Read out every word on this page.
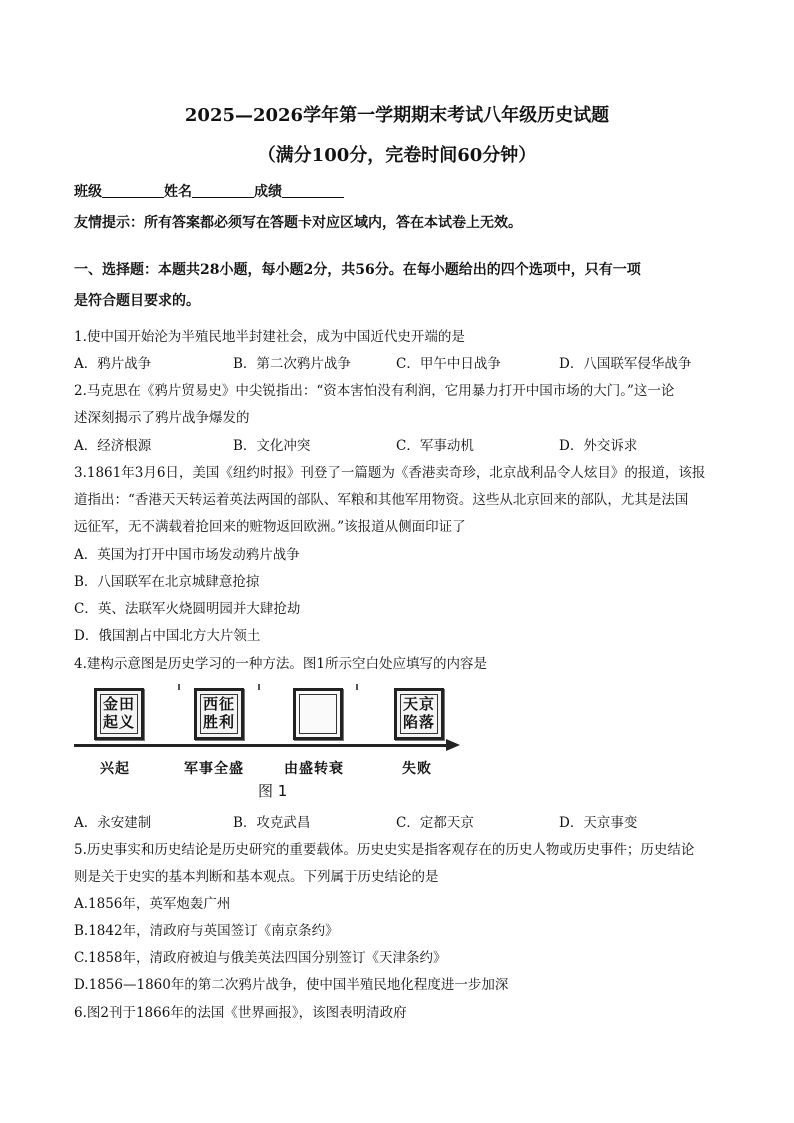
2025—2026学年第一学期期末考试八年级历史试题
（满分100分，完卷时间60分钟）
班级	姓名	成绩
友情提示：所有答案都必须写在答题卡对应区域内，答在本试卷上无效。
一、选择题：本题共28小题，每小题2分，共56分。在每小题给出的四个选项中，只有一项
是符合题目要求的。
1.使中国开始沦为半殖民地半封建社会，成为中国近代史开端的是
A．鸦片战争	B．第二次鸦片战争	C．甲午中日战争	D．八国联军侵华战争
2.马克思在《鸦片贸易史》中尖锐指出：“资本害怕没有利润，它用暴力打开中国市场的大门。”这一论
述深刻揭示了鸦片战争爆发的
A．经济根源	B．文化冲突	C．军事动机	D．外交诉求
3.1861年3月6日，美国《纽约时报》刊登了一篇题为《香港卖奇珍，北京战利品令人炫目》的报道，该报
道指出：“香港天天转运着英法两国的部队、军粮和其他军用物资。这些从北京回来的部队，尤其是法国
远征军，无不满载着抢回来的赃物返回欧洲。”该报道从侧面印证了
A．英国为打开中国市场发动鸦片战争
B．八国联军在北京城肆意抢掠
C．英、法联军火烧圆明园并大肆抢劫
D．俄国割占中国北方大片领土
4.建构示意图是历史学习的一种方法。图1所示空白处应填写的内容是
金田
起义
西征
胜利
天京
陷落
兴起	军事全盛	由盛转衰	失败
图 1
A．永安建制	B．攻克武昌	C．定都天京	D．天京事变
5.历史事实和历史结论是历史研究的重要载体。历史史实是指客观存在的历史人物或历史事件；历史结论
则是关于史实的基本判断和基本观点。下列属于历史结论的是
A.1856年，英军炮轰广州
B.1842年，清政府与英国签订《南京条约》
C.1858年，清政府被迫与俄美英法四国分别签订《天津条约》
D.1856—1860年的第二次鸦片战争，使中国半殖民地化程度进一步加深
6.图2刊于1866年的法国《世界画报》，该图表明清政府
